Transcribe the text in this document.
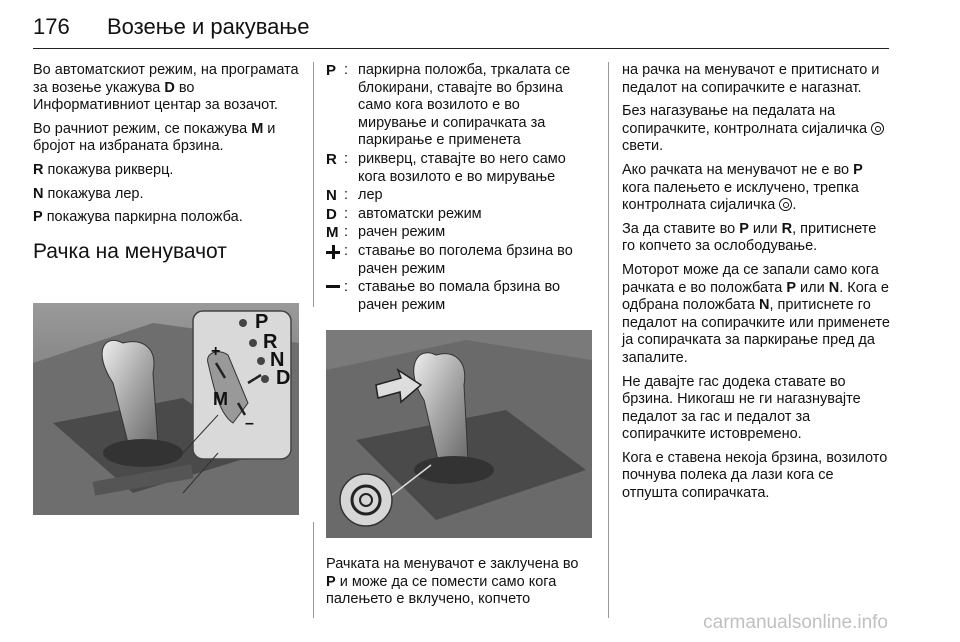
176 Возење и ракување

Во автоматскиот режим, на програмата за возење укажува D во Информативниот центар за возачот.

Во рачниот режим, се покажува M и бројот на избраната брзина.

R покажува рикверц.

N покажува лер.

P покажува паркирна положба.

Рачка на менувачот
P
R
N
D
M
+
–
P : паркирна положба, тркалата се блокирани, ставајте во брзина само кога возилото е во мирување и сопирачката за паркирање е применета
R : рикверц, ставајте во него само кога возилото е во мирување
N : лер
D : автоматски режим
M : рачен режим
: ставање во поголема брзина во рачен режим
: ставање во помала брзина во рачен режим
Рачката на менувачот е заклучена во P и може да се помести само кога палењето е вклучено, копчето

на рачка на менувачот е притиснато и педалот на сопирачките е нагазнат.

Без нагазување на педалата на сопирачките, контролната сијаличка  свети.

Ако рачката на менувачот не е во P кога палењето е исклучено, трепка контролната сијаличка .

За да ставите во P или R, притиснете го копчето за ослободување.

Моторот може да се запали само кога рачката е во положбата P или N. Кога е одбрана положбата N, притиснете го педалот на сопирачките или применете ја сопирачката за паркирање пред да запалите.

Не давајте гас додека ставате во брзина. Никогаш не ги нагазнувајте педалот за гас и педалот за сопирачките истовремено.

Кога е ставена некоја брзина, возилото почнува полека да лази кога се отпушта сопирачката.

carmanualsonline.info
